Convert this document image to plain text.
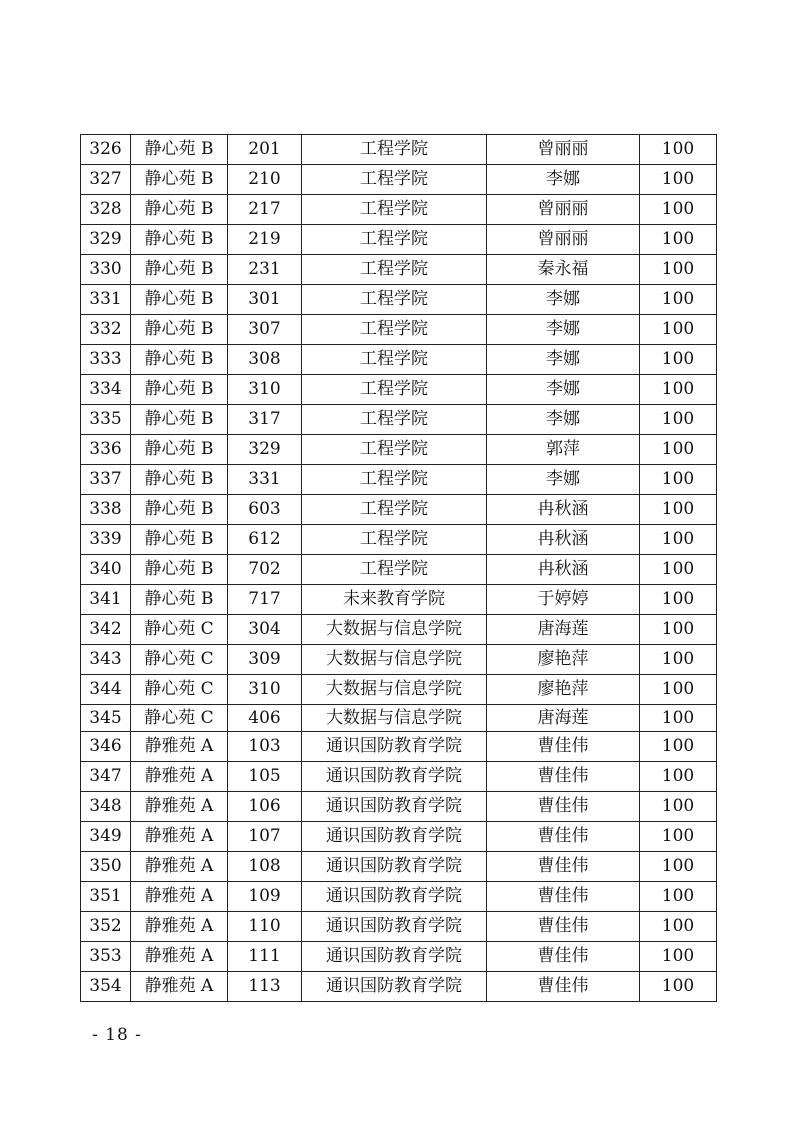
326	静心苑 B	201	工程学院	曾丽丽	100
327	静心苑 B	210	工程学院	李娜	100
328	静心苑 B	217	工程学院	曾丽丽	100
329	静心苑 B	219	工程学院	曾丽丽	100
330	静心苑 B	231	工程学院	秦永福	100
331	静心苑 B	301	工程学院	李娜	100
332	静心苑 B	307	工程学院	李娜	100
333	静心苑 B	308	工程学院	李娜	100
334	静心苑 B	310	工程学院	李娜	100
335	静心苑 B	317	工程学院	李娜	100
336	静心苑 B	329	工程学院	郭萍	100
337	静心苑 B	331	工程学院	李娜	100
338	静心苑 B	603	工程学院	冉秋涵	100
339	静心苑 B	612	工程学院	冉秋涵	100
340	静心苑 B	702	工程学院	冉秋涵	100
341	静心苑 B	717	未来教育学院	于婷婷	100
342	静心苑 C	304	大数据与信息学院	唐海莲	100
343	静心苑 C	309	大数据与信息学院	廖艳萍	100
344	静心苑 C	310	大数据与信息学院	廖艳萍	100
345	静心苑 C	406	大数据与信息学院	唐海莲	100
346	静雅苑 A	103	通识国防教育学院	曹佳伟	100
347	静雅苑 A	105	通识国防教育学院	曹佳伟	100
348	静雅苑 A	106	通识国防教育学院	曹佳伟	100
349	静雅苑 A	107	通识国防教育学院	曹佳伟	100
350	静雅苑 A	108	通识国防教育学院	曹佳伟	100
351	静雅苑 A	109	通识国防教育学院	曹佳伟	100
352	静雅苑 A	110	通识国防教育学院	曹佳伟	100
353	静雅苑 A	111	通识国防教育学院	曹佳伟	100
354	静雅苑 A	113	通识国防教育学院	曹佳伟	100
- 18 -
